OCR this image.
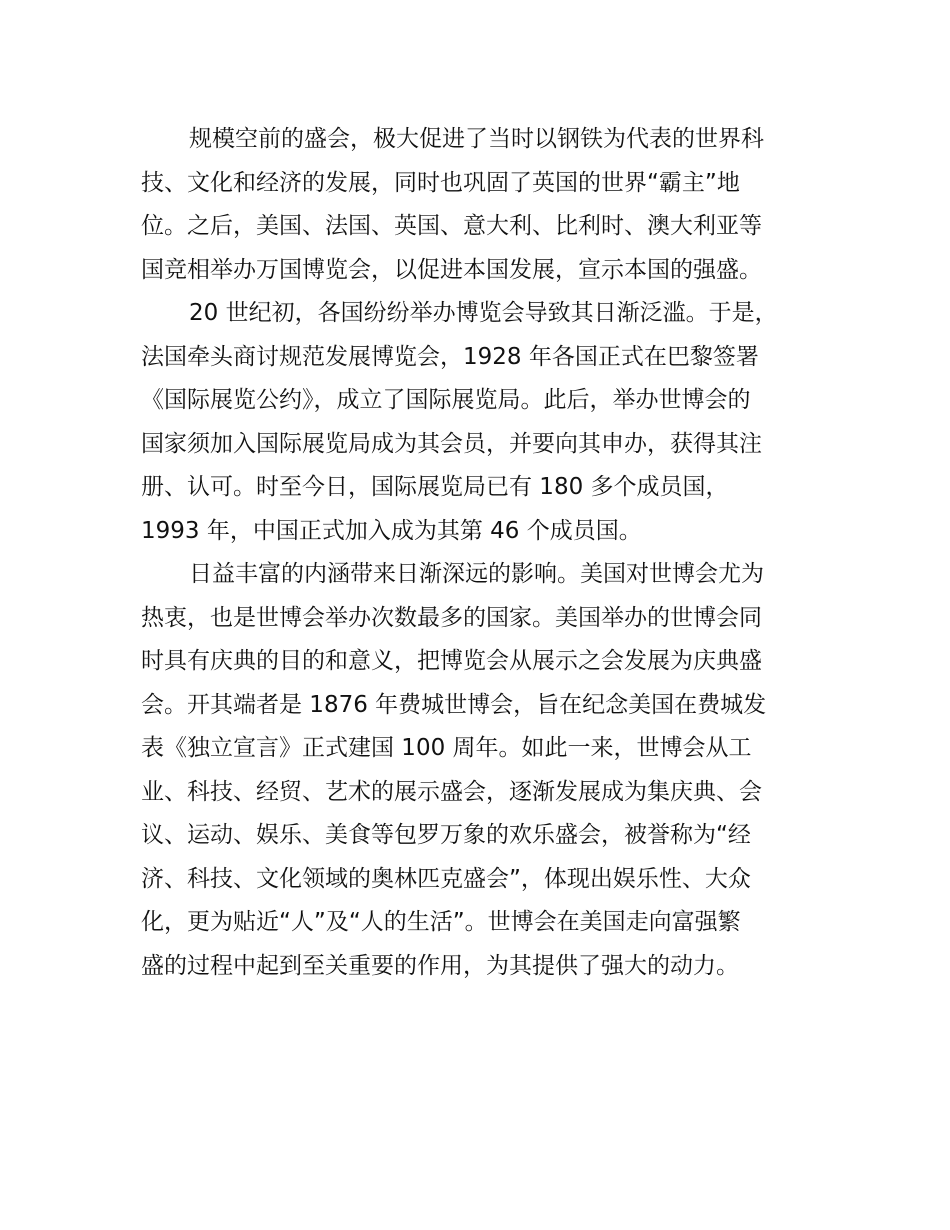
规模空前的盛会，极大促进了当时以钢铁为代表的世界科
技、文化和经济的发展，同时也巩固了英国的世界“霸主”地
位。之后，美国、法国、英国、意大利、比利时、澳大利亚等
国竞相举办万国博览会，以促进本国发展，宣示本国的强盛。
20 世纪初，各国纷纷举办博览会导致其日渐泛滥。于是，
法国牵头商讨规范发展博览会，1928 年各国正式在巴黎签署
《国际展览公约》，成立了国际展览局。此后，举办世博会的
国家须加入国际展览局成为其会员，并要向其申办，获得其注
册、认可。时至今日，国际展览局已有 180 多个成员国，
1993 年，中国正式加入成为其第 46 个成员国。
日益丰富的内涵带来日渐深远的影响。美国对世博会尤为
热衷，也是世博会举办次数最多的国家。美国举办的世博会同
时具有庆典的目的和意义，把博览会从展示之会发展为庆典盛
会。开其端者是 1876 年费城世博会，旨在纪念美国在费城发
表《独立宣言》正式建国 100 周年。如此一来，世博会从工
业、科技、经贸、艺术的展示盛会，逐渐发展成为集庆典、会
议、运动、娱乐、美食等包罗万象的欢乐盛会，被誉称为“经
济、科技、文化领域的奥林匹克盛会”，体现出娱乐性、大众
化，更为贴近“人”及“人的生活”。世博会在美国走向富强繁
盛的过程中起到至关重要的作用，为其提供了强大的动力。
